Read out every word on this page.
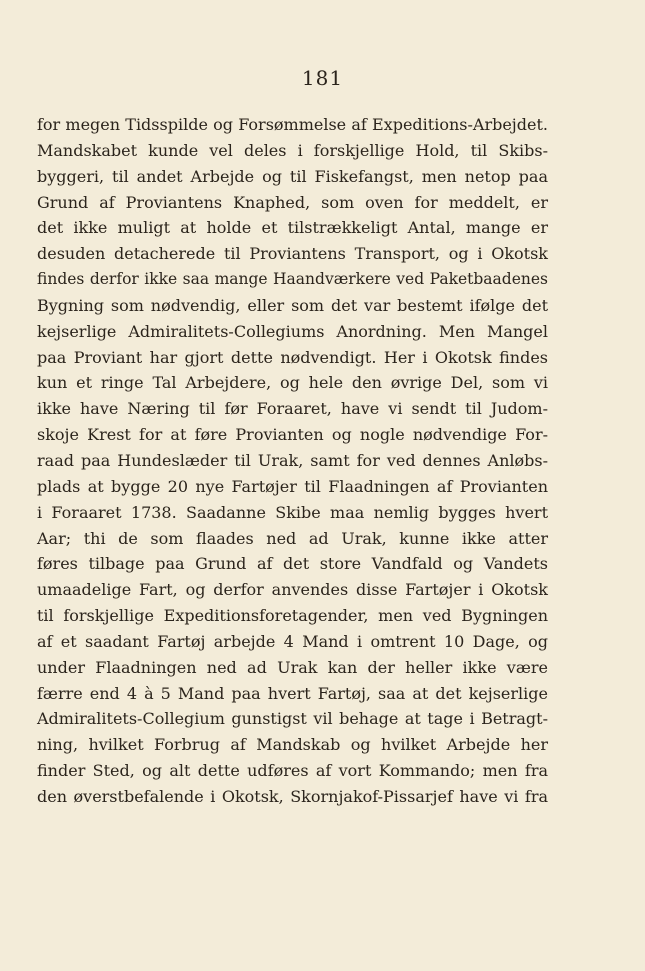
181
for megen Tidsspilde og Forsømmelse af Expeditions-Arbejdet.
Mandskabet kunde vel deles i forskjellige Hold, til Skibs-
byggeri, til andet Arbejde og til Fiskefangst, men netop paa
Grund af Proviantens Knaphed, som oven for meddelt, er
det ikke muligt at holde et tilstrækkeligt Antal, mange er
desuden detacherede til Proviantens Transport, og i Okotsk
findes derfor ikke saa mange Haandværkere ved Paketbaadenes
Bygning som nødvendig, eller som det var bestemt ifølge det
kejserlige Admiralitets-Collegiums Anordning. Men Mangel
paa Proviant har gjort dette nødvendigt. Her i Okotsk findes
kun et ringe Tal Arbejdere, og hele den øvrige Del, som vi
ikke have Næring til før Foraaret, have vi sendt til Judom-
skoje Krest for at føre Provianten og nogle nødvendige For-
raad paa Hundeslæder til Urak, samt for ved dennes Anløbs-
plads at bygge 20 nye Fartøjer til Flaadningen af Provianten
i Foraaret 1738. Saadanne Skibe maa nemlig bygges hvert
Aar; thi de som flaades ned ad Urak, kunne ikke atter
føres tilbage paa Grund af det store Vandfald og Vandets
umaadelige Fart, og derfor anvendes disse Fartøjer i Okotsk
til forskjellige Expeditionsforetagender, men ved Bygningen
af et saadant Fartøj arbejde 4 Mand i omtrent 10 Dage, og
under Flaadningen ned ad Urak kan der heller ikke være
færre end 4 à 5 Mand paa hvert Fartøj, saa at det kejserlige
Admiralitets-Collegium gunstigst vil behage at tage i Betragt-
ning, hvilket Forbrug af Mandskab og hvilket Arbejde her
finder Sted, og alt dette udføres af vort Kommando; men fra
den øverstbefalende i Okotsk, Skornjakof-Pissarjef have vi fra
